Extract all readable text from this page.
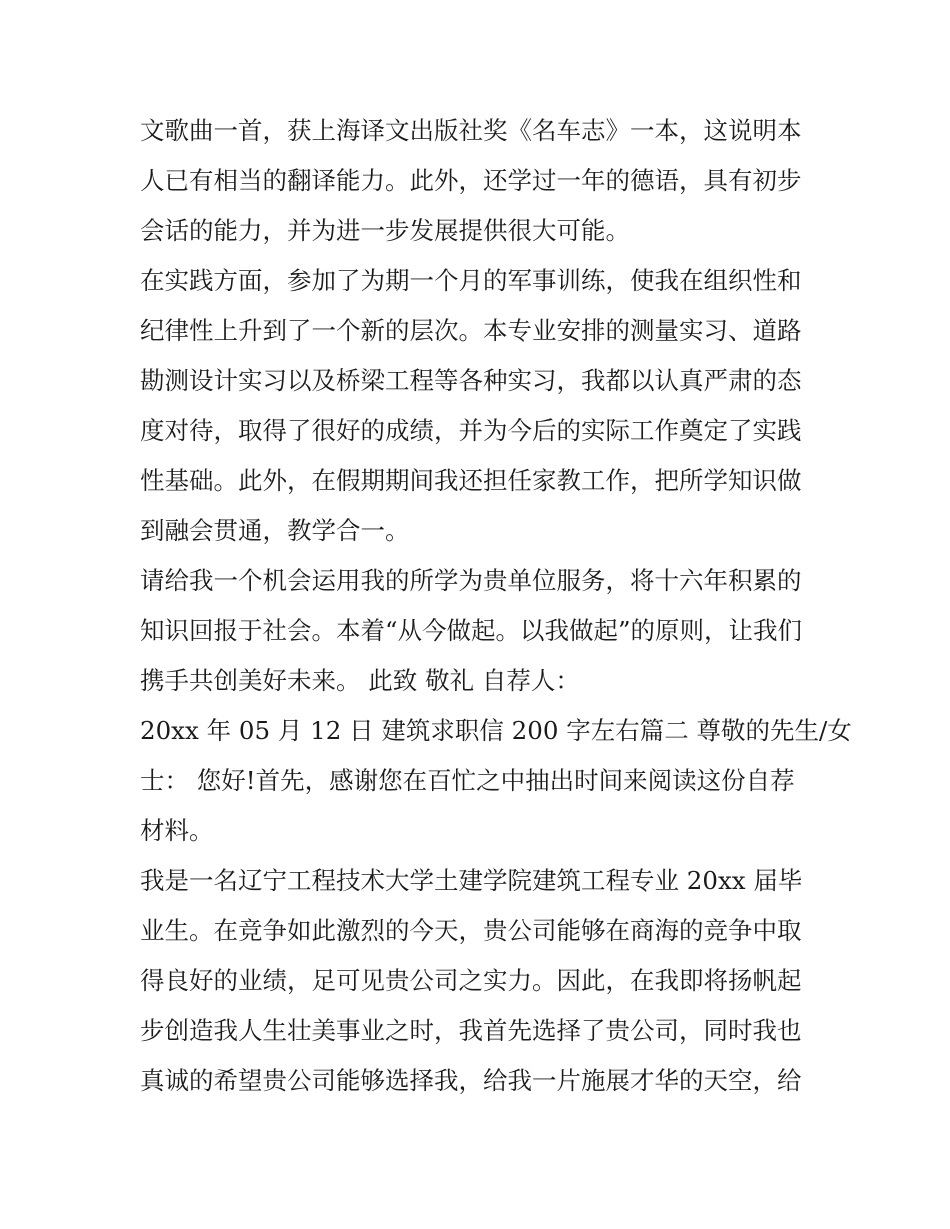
文歌曲一首，获上海译文出版社奖《名车志》一本，这说明本
人已有相当的翻译能力。此外，还学过一年的德语，具有初步
会话的能力，并为进一步发展提供很大可能。
在实践方面，参加了为期一个月的军事训练，使我在组织性和
纪律性上升到了一个新的层次。本专业安排的测量实习、道路
勘测设计实习以及桥梁工程等各种实习，我都以认真严肃的态
度对待，取得了很好的成绩，并为今后的实际工作奠定了实践
性基础。此外，在假期期间我还担任家教工作，把所学知识做
到融会贯通，教学合一。
请给我一个机会运用我的所学为贵单位服务，将十六年积累的
知识回报于社会。本着“从今做起。以我做起”的原则，让我们
携手共创美好未来。 此致 敬礼 自荐人：
20xx 年 05 月 12 日 建筑求职信 200 字左右篇二 尊敬的先生/女
士： 您好!首先，感谢您在百忙之中抽出时间来阅读这份自荐
材料。
我是一名辽宁工程技术大学土建学院建筑工程专业 20xx 届毕
业生。在竞争如此激烈的今天，贵公司能够在商海的竞争中取
得良好的业绩，足可见贵公司之实力。因此，在我即将扬帆起
步创造我人生壮美事业之时，我首先选择了贵公司，同时我也
真诚的希望贵公司能够选择我，给我一片施展才华的天空，给
